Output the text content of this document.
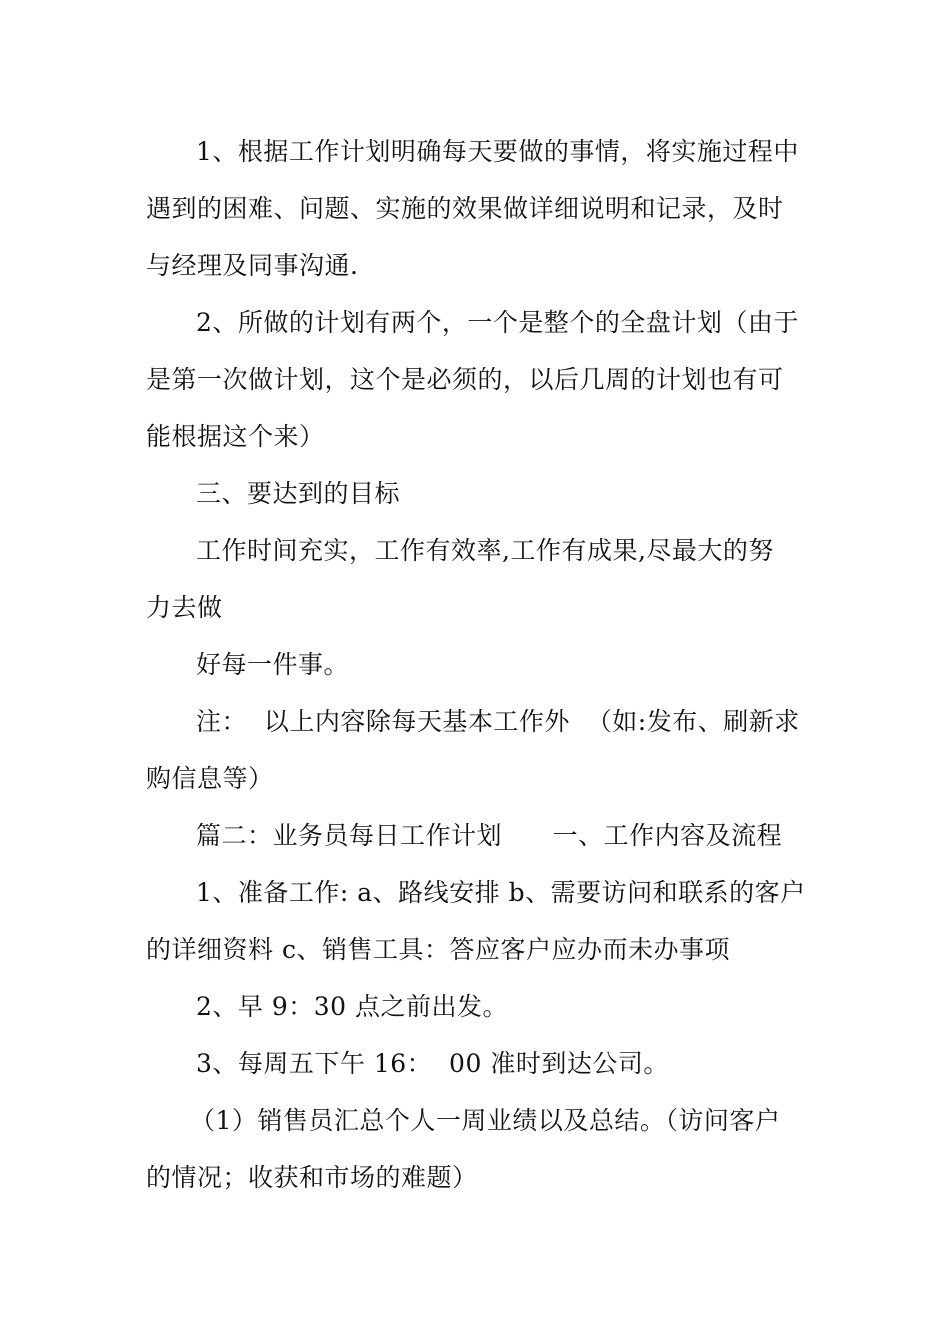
1、根据工作计划明确每天要做的事情，将实施过程中
遇到的困难、问题、实施的效果做详细说明和记录，及时
与经理及同事沟通.
2、所做的计划有两个，一个是整个的全盘计划（由于
是第一次做计划，这个是必须的，以后几周的计划也有可
能根据这个来）
三、要达到的目标
工作时间充实，工作有效率,工作有成果,尽最大的努
力去做
好每一件事。
注：  以上内容除每天基本工作外  （如:发布、刷新求
购信息等）
篇二：业务员每日工作计划      一、工作内容及流程
1、准备工作: a、路线安排 b、需要访问和联系的客户
的详细资料 c、销售工具：答应客户应办而未办事项
2、早 9：30 点之前出发。
3、每周五下午 16：  00 准时到达公司。
（1）销售员汇总个人一周业绩以及总结。（访问客户
的情况；收获和市场的难题）
